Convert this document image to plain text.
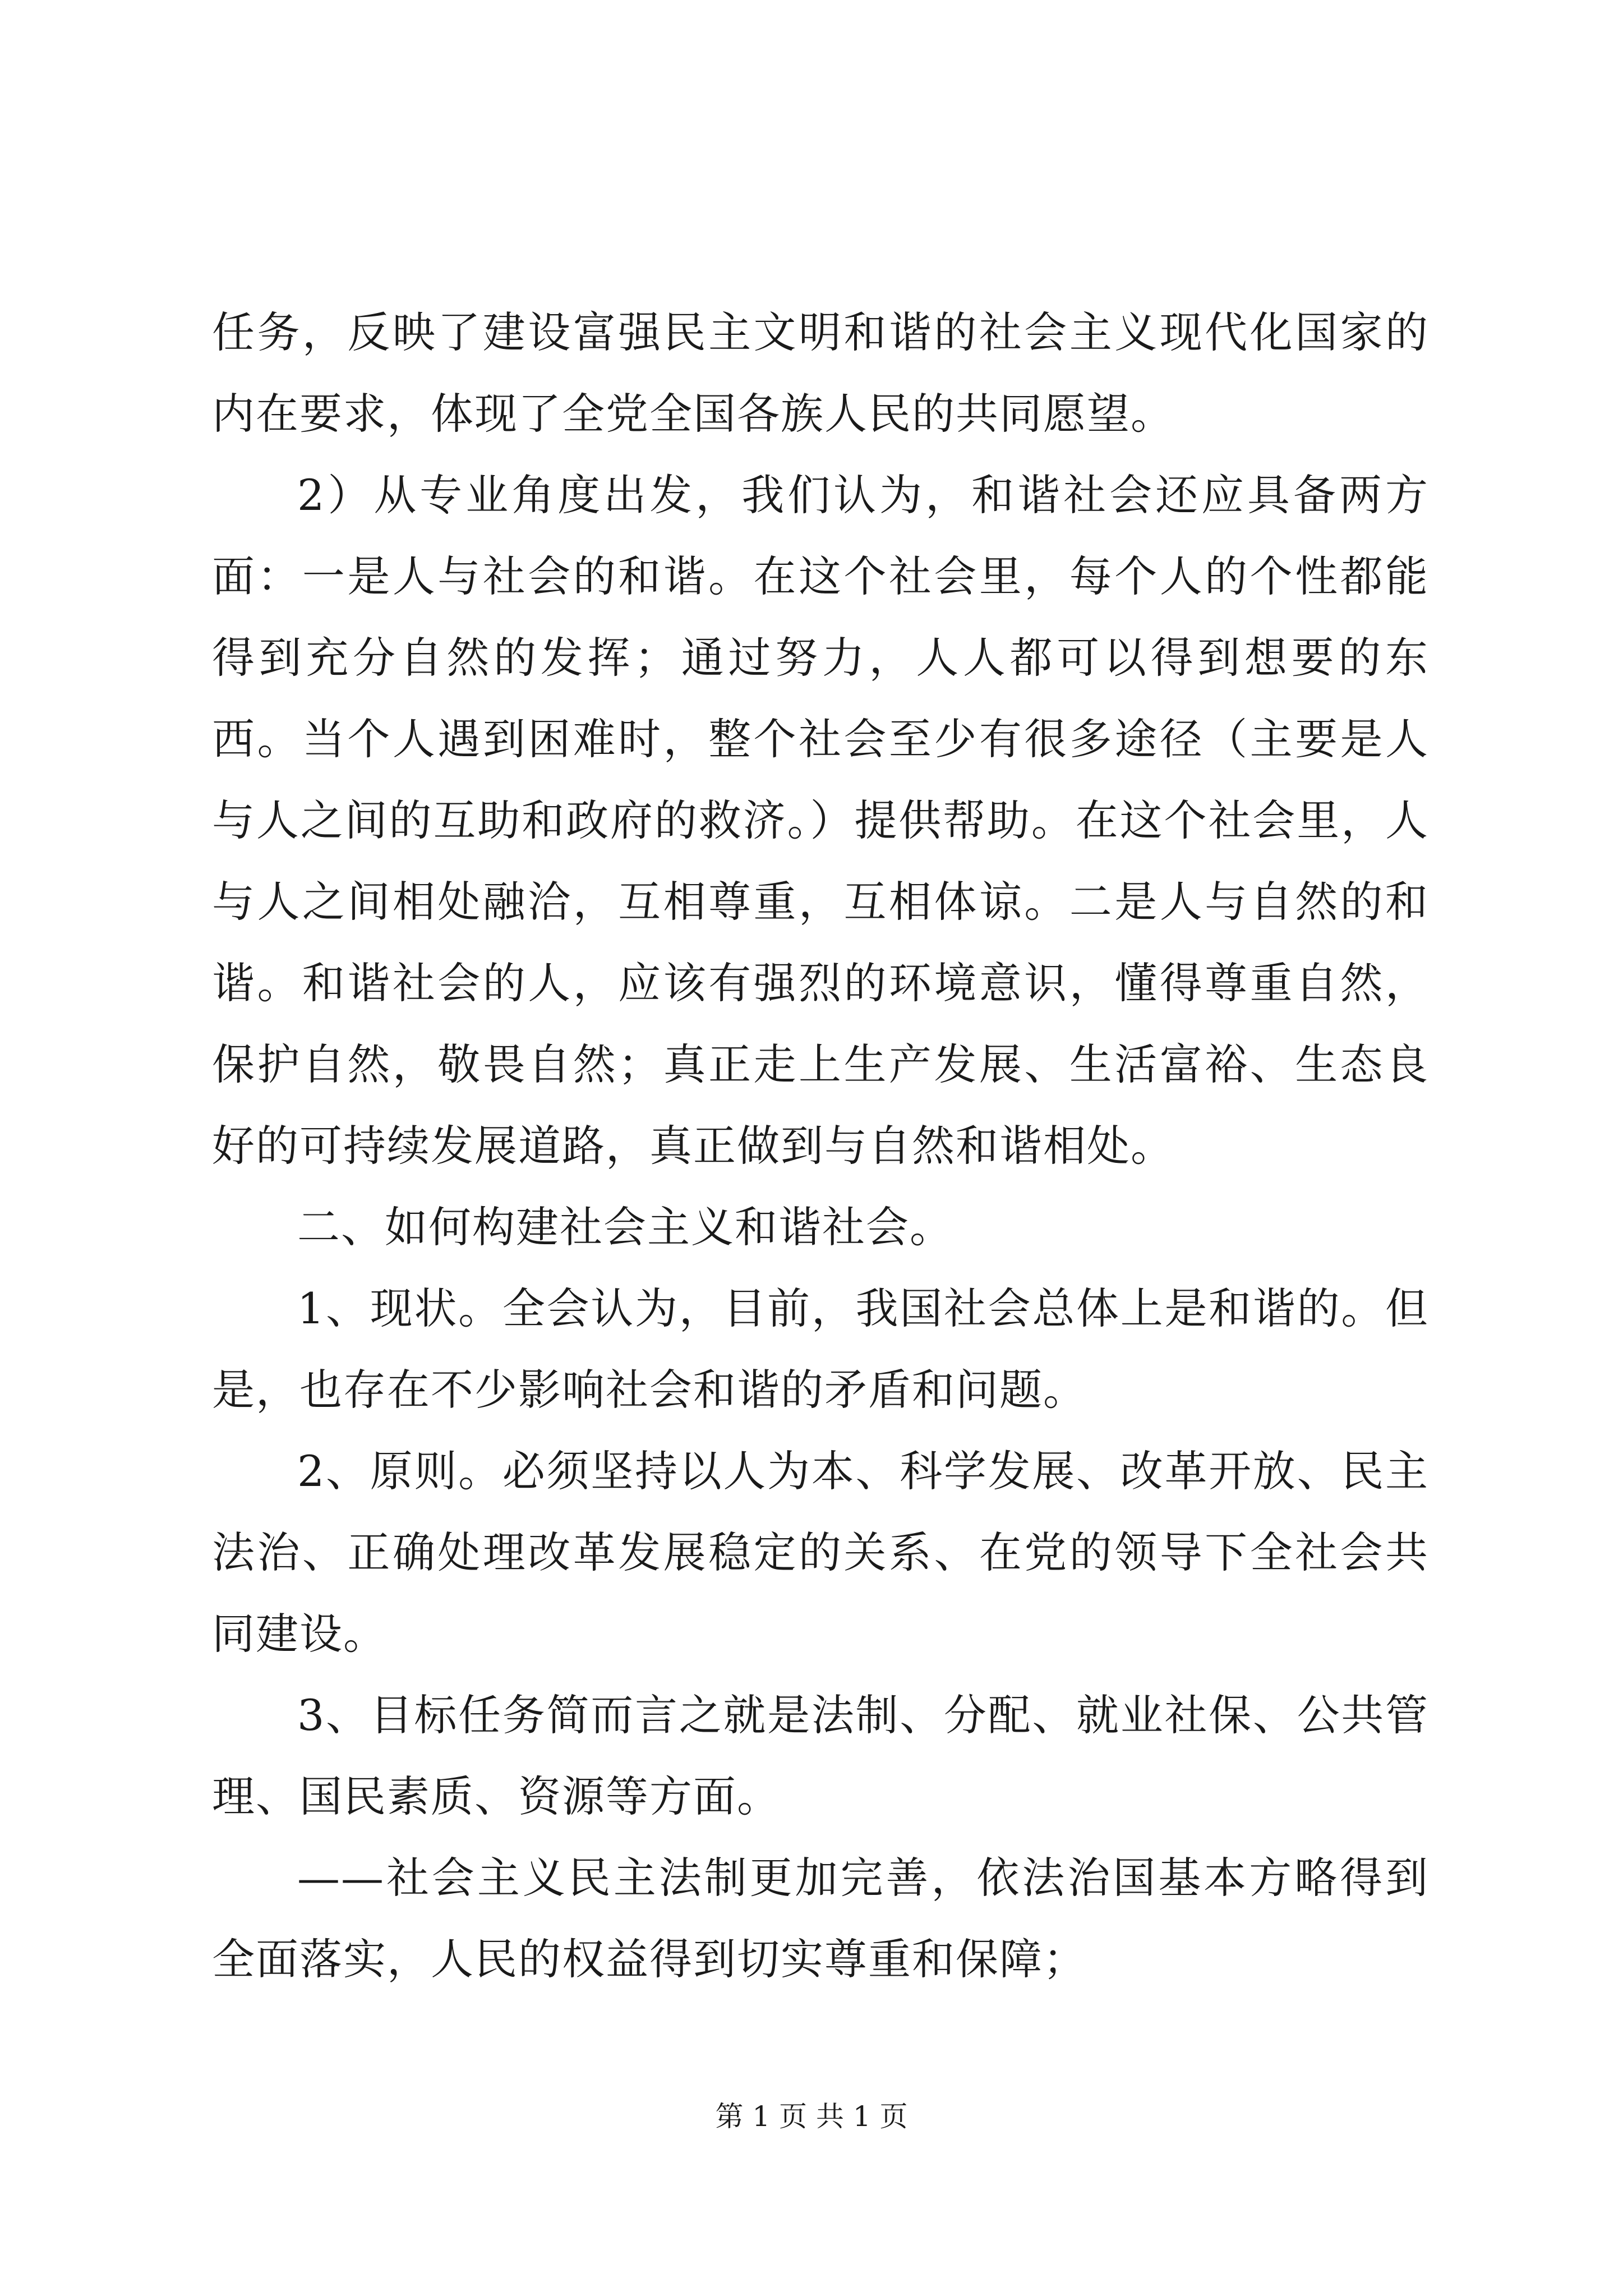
任务，反映了建设富强民主文明和谐的社会主义现代化国家的内在要求，体现了全党全国各族人民的共同愿望。

2）从专业角度出发，我们认为，和谐社会还应具备两方面：一是人与社会的和谐。在这个社会里，每个人的个性都能得到充分自然的发挥；通过努力，人人都可以得到想要的东西。当个人遇到困难时，整个社会至少有很多途径（主要是人与人之间的互助和政府的救济。）提供帮助。在这个社会里，人与人之间相处融洽，互相尊重，互相体谅。二是人与自然的和谐。和谐社会的人，应该有强烈的环境意识，懂得尊重自然，保护自然，敬畏自然；真正走上生产发展、生活富裕、生态良好的可持续发展道路，真正做到与自然和谐相处。

二、如何构建社会主义和谐社会。

1、现状。全会认为，目前，我国社会总体上是和谐的。但是，也存在不少影响社会和谐的矛盾和问题。

2、原则。必须坚持以人为本、科学发展、改革开放、民主法治、正确处理改革发展稳定的关系、在党的领导下全社会共同建设。

3、目标任务简而言之就是法制、分配、就业社保、公共管理、国民素质、资源等方面。

——社会主义民主法制更加完善，依法治国基本方略得到全面落实，人民的权益得到切实尊重和保障；

第 1 页 共 1 页
